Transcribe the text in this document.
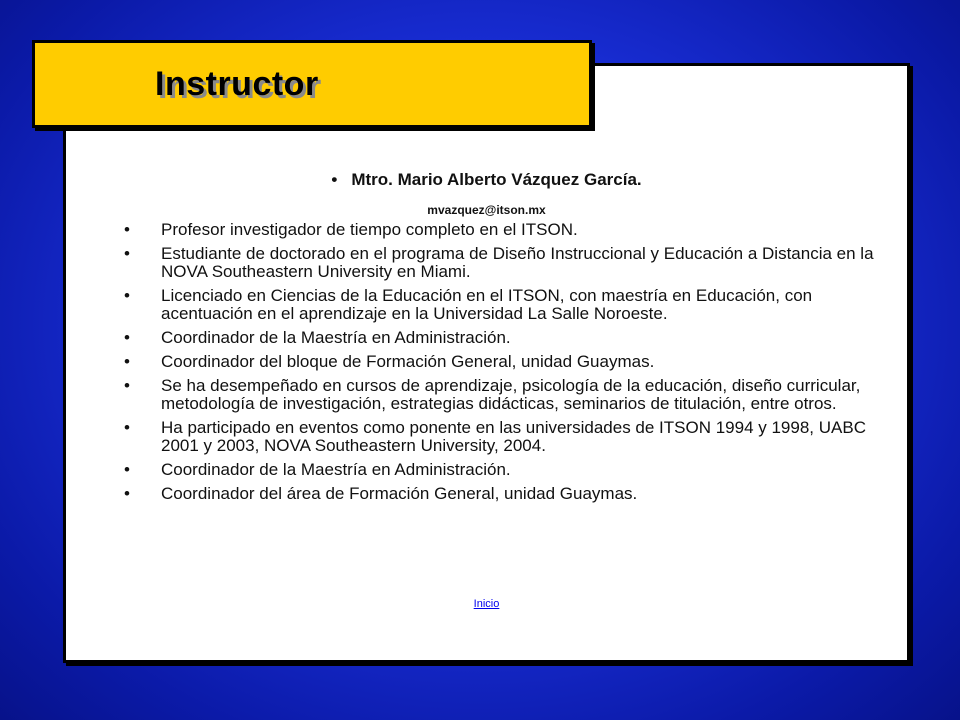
• Mtro. Mario Alberto Vázquez García.
mvazquez@itson.mx
• Profesor investigador de tiempo completo en el ITSON.
• Estudiante de doctorado en el programa de Diseño Instruccional y Educación a Distancia en la NOVA Southeastern University en Miami.
• Licenciado en Ciencias de la Educación en el ITSON, con maestría en Educación, con acentuación en el aprendizaje en la Universidad La Salle Noroeste.
• Coordinador de la Maestría en Administración.
• Coordinador del bloque de Formación General, unidad Guaymas.
• Se ha desempeñado en cursos de aprendizaje, psicología de la educación, diseño curricular, metodología de investigación, estrategias didácticas, seminarios de titulación, entre otros.
• Ha participado en eventos como ponente en las universidades de ITSON 1994 y 1998, UABC 2001 y 2003, NOVA Southeastern University, 2004.
• Coordinador de la Maestría en Administración.
• Coordinador del área de Formación General, unidad Guaymas.
Inicio
Instructor
